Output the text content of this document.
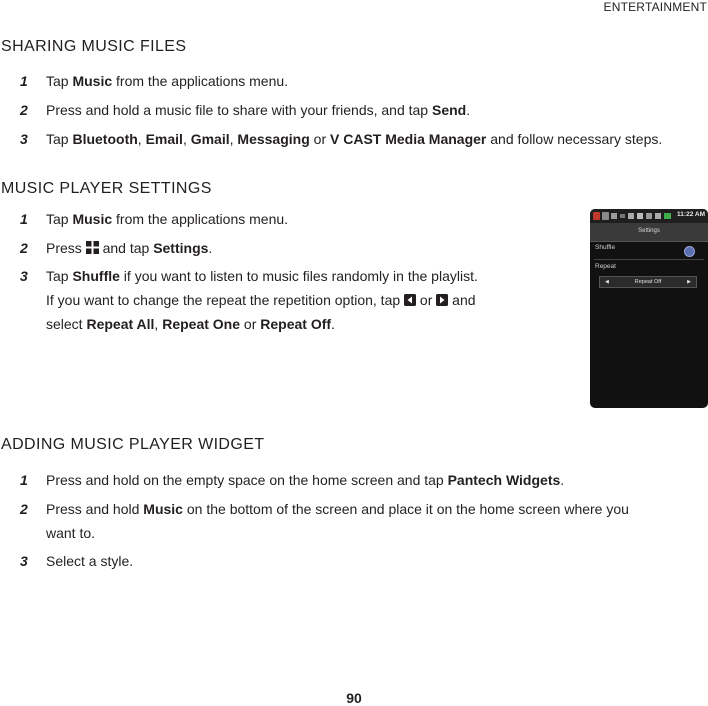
ENTERTAINMENT
SHARING MUSIC FILES
1 Tap Music from the applications menu.
2 Press and hold a music file to share with your friends, and tap Send.
3 Tap Bluetooth, Email, Gmail, Messaging or V CAST Media Manager and follow necessary steps.
MUSIC PLAYER SETTINGS
1 Tap Music from the applications menu.
2 Press  and tap Settings.
3 Tap Shuffle if you want to listen to music files randomly in the playlist.
If you want to change the repeat the repetition option, tap  or  and
select Repeat All, Repeat One or Repeat Off.
11:22 AM
Settings
Shuffle
Repeat
◀	Repeat Off	▶
ADDING MUSIC PLAYER WIDGET
1 Press and hold on the empty space on the home screen and tap Pantech Widgets.
2 Press and hold Music on the bottom of the screen and place it on the home screen where you
want to.
3 Select a style.
90
